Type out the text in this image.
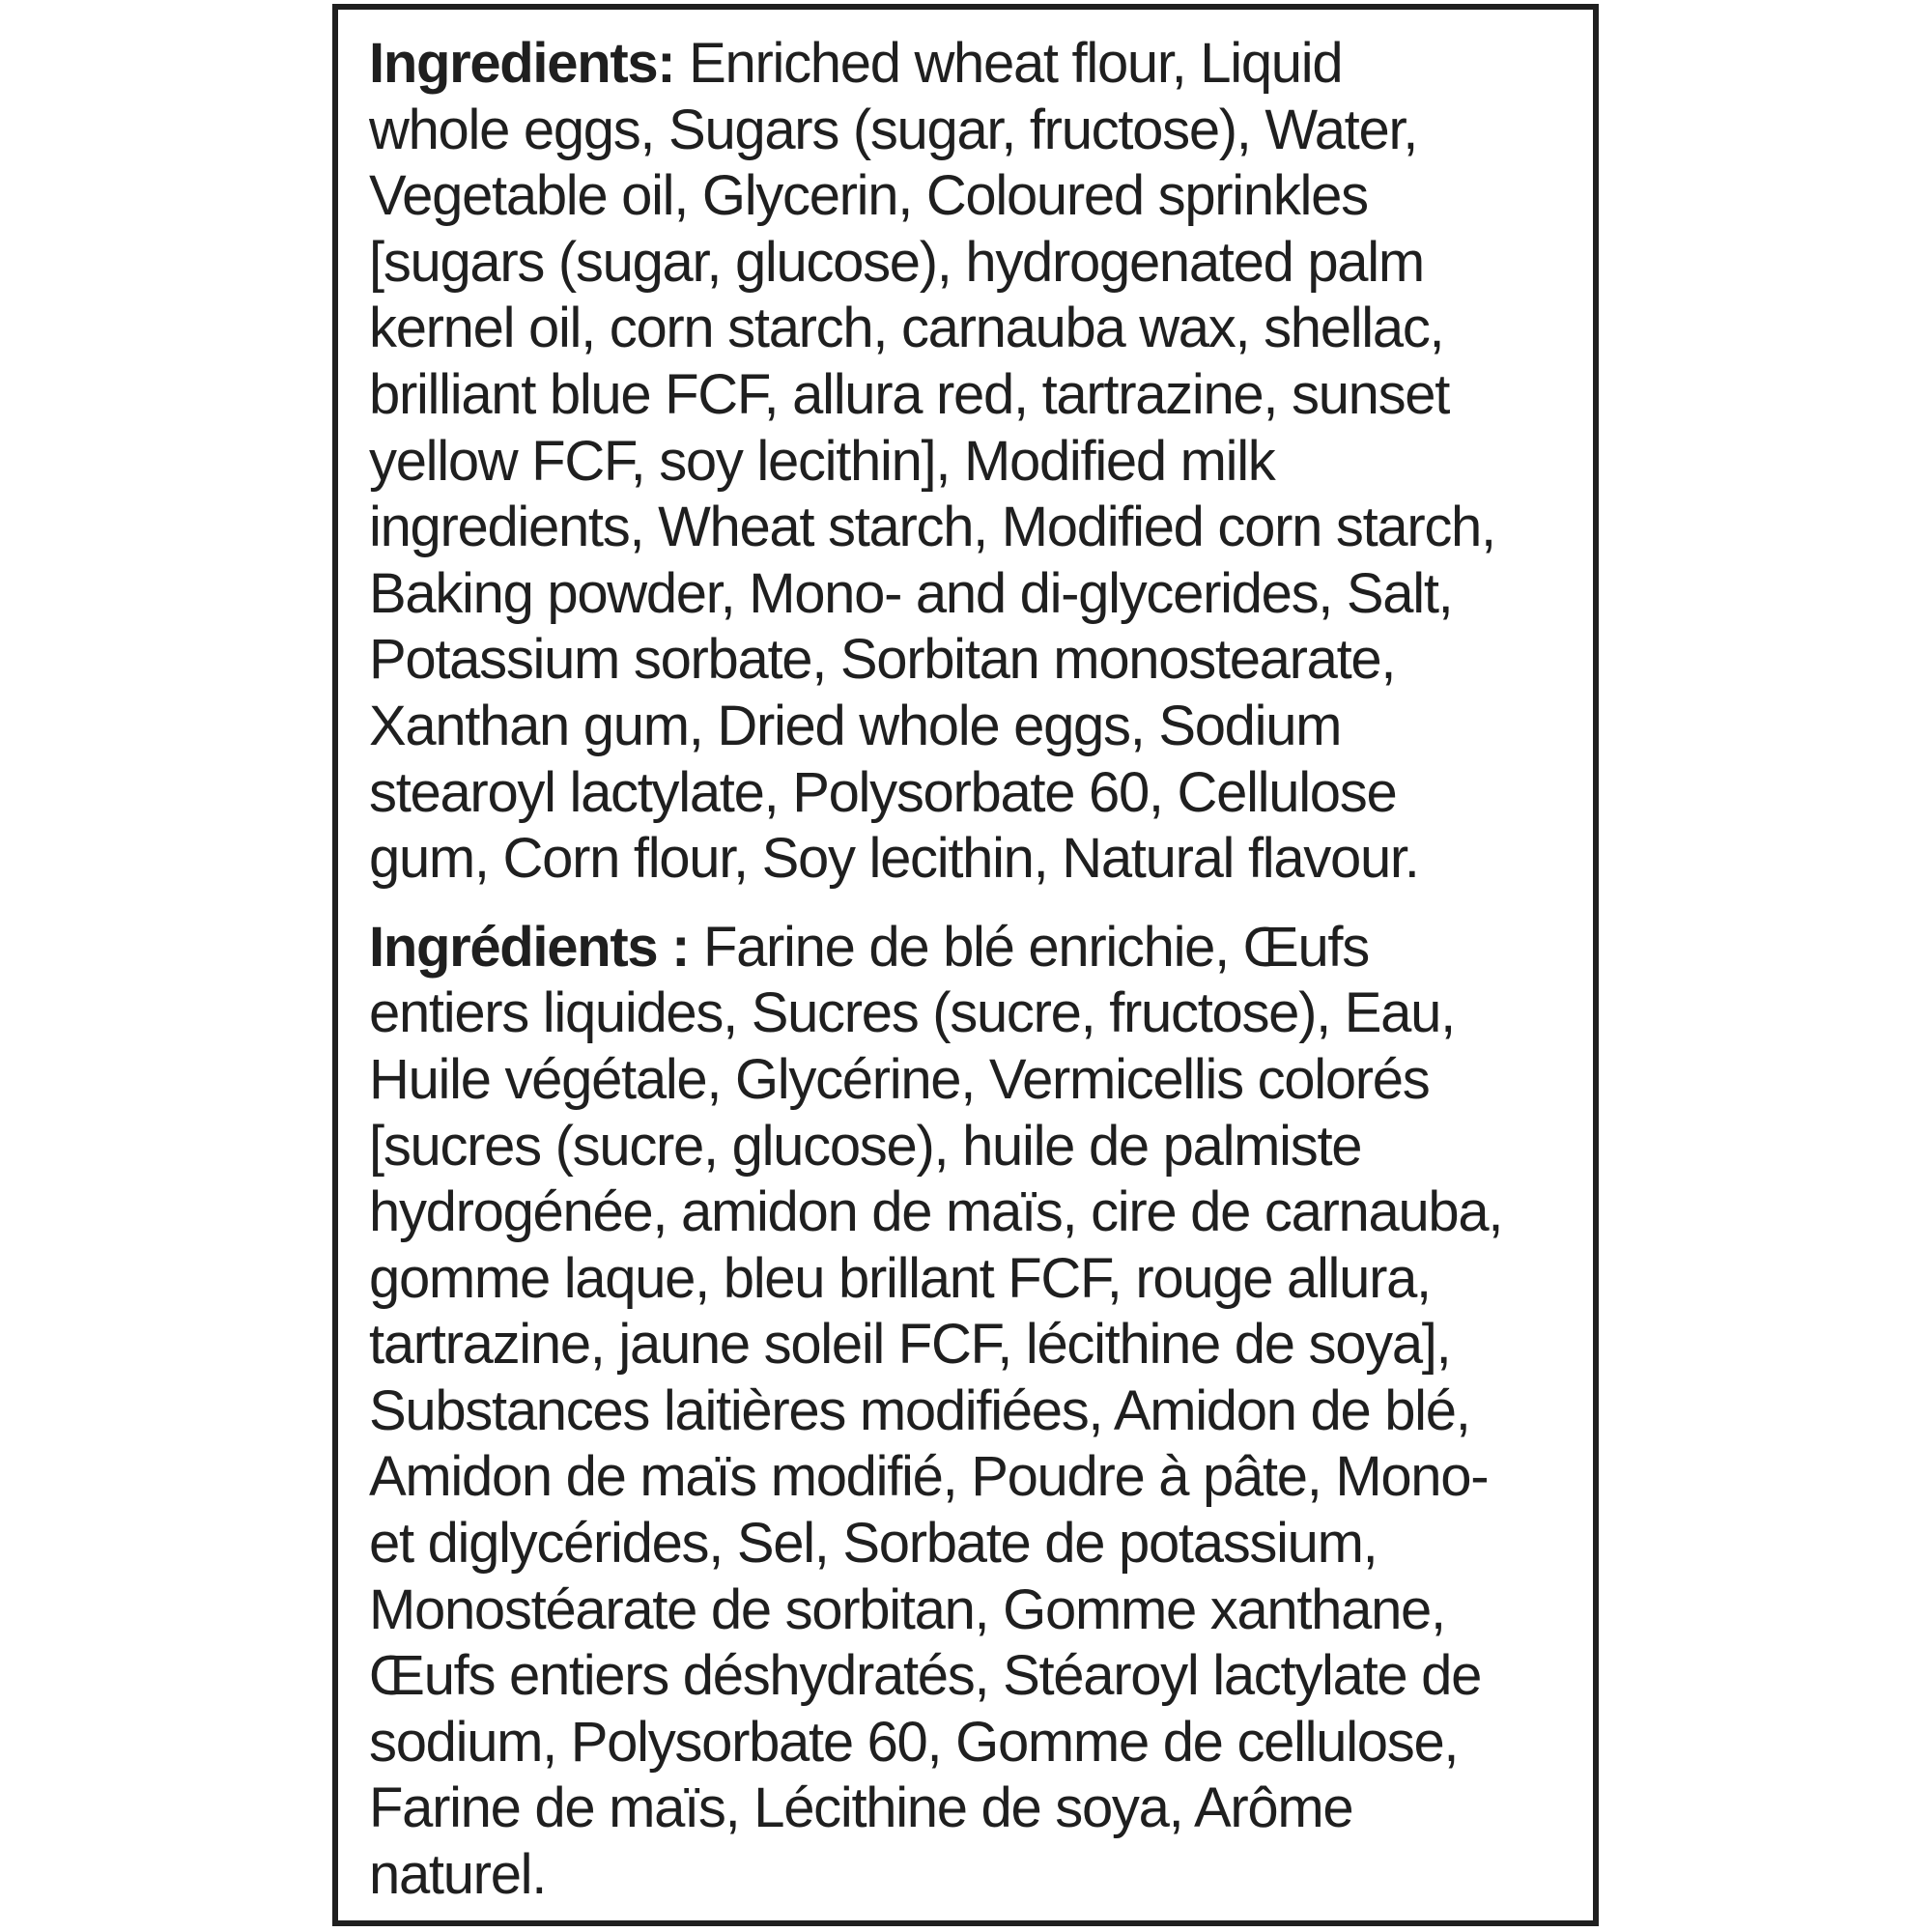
Ingredients: Enriched wheat flour, Liquid

whole eggs, Sugars (sugar, fructose), Water,

Vegetable oil, Glycerin, Coloured sprinkles

[sugars (sugar, glucose), hydrogenated palm

kernel oil, corn starch, carnauba wax, shellac,

brilliant blue FCF, allura red, tartrazine, sunset

yellow FCF, soy lecithin], Modified milk

ingredients, Wheat starch, Modified corn starch,

Baking powder, Mono- and di-glycerides, Salt,

Potassium sorbate, Sorbitan monostearate,

Xanthan gum, Dried whole eggs, Sodium

stearoyl lactylate, Polysorbate 60, Cellulose

gum, Corn flour, Soy lecithin, Natural flavour.

Ingrédients : Farine de blé enrichie, Œufs

entiers liquides, Sucres (sucre, fructose), Eau,

Huile végétale, Glycérine, Vermicellis colorés

[sucres (sucre, glucose), huile de palmiste

hydrogénée, amidon de maïs, cire de carnauba,

gomme laque, bleu brillant FCF, rouge allura,

tartrazine, jaune soleil FCF, lécithine de soya],

Substances laitières modifiées, Amidon de blé,

Amidon de maïs modifié, Poudre à pâte, Mono-

et diglycérides, Sel, Sorbate de potassium,

Monostéarate de sorbitan, Gomme xanthane,

Œufs entiers déshydratés, Stéaroyl lactylate de

sodium, Polysorbate 60, Gomme de cellulose,

Farine de maïs, Lécithine de soya, Arôme

naturel.
